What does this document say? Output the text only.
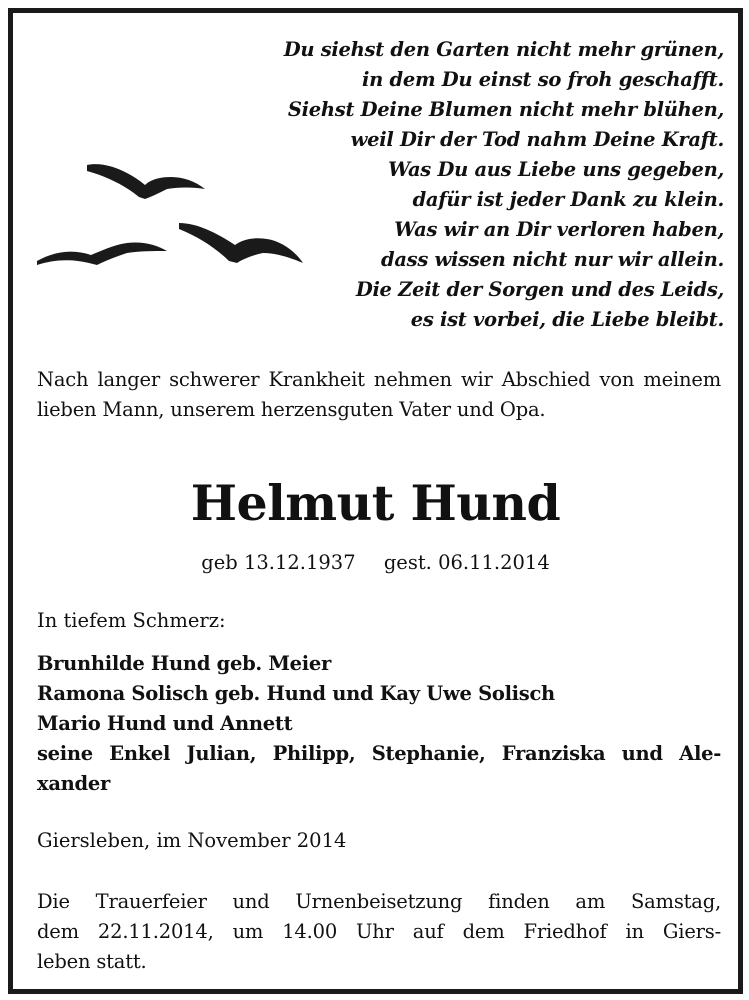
Du siehst den Garten nicht mehr grünen,
in dem Du einst so froh geschafft.
Siehst Deine Blumen nicht mehr blühen,
weil Dir der Tod nahm Deine Kraft.
Was Du aus Liebe uns gegeben,
dafür ist jeder Dank zu klein.
Was wir an Dir verloren haben,
dass wissen nicht nur wir allein.
Die Zeit der Sorgen und des Leids,
es ist vorbei, die Liebe bleibt.
Nach langer schwerer Krankheit nehmen wir Abschied von meinem lieben Mann, unserem herzensguten Vater und Opa.
Helmut Hund
geb 13.12.1937 gest. 06.11.2014
In tiefem Schmerz:
Brunhilde Hund geb. Meier
Ramona Solisch geb. Hund und Kay Uwe Solisch
Mario Hund und Annett
seine Enkel Julian, Philipp, Stephanie, Franziska und Ale-
xander
Giersleben, im November 2014
Die Trauerfeier und Urnenbeisetzung finden am Samstag,
dem 22.11.2014, um 14.00 Uhr auf dem Friedhof in Giers-
leben statt.
